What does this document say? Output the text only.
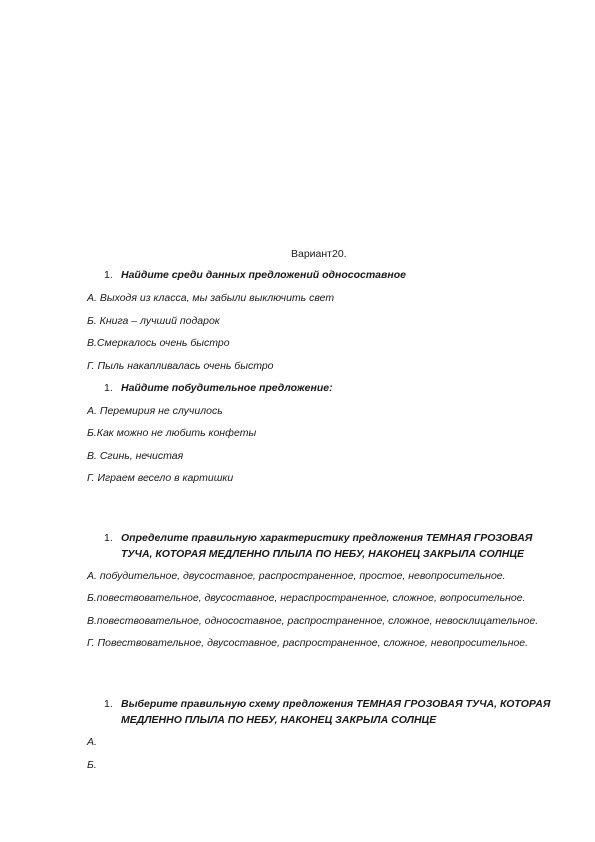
Вариант20.
1. Найдите среди данных предложений односоставное
А. Выходя из класса, мы забыли выключить свет
Б. Книга – лучший подарок
В.Смеркалось очень быстро
Г. Пыль накапливалась очень быстро
1. Найдите побудительное предложение:
А. Перемирия не случилось
Б.Как можно не любить конфеты
В. Сгинь, нечистая
Г. Играем весело в картишки
1. Определите правильную характеристику предложения ТЕМНАЯ ГРОЗОВАЯ
ТУЧА, КОТОРАЯ МЕДЛЕННО ПЛЫЛА ПО НЕБУ, НАКОНЕЦ ЗАКРЫЛА СОЛНЦЕ
А. побудительное, двусоставное, распространенное, простое, невопросительное.
Б.повествовательное, двусоставное, нераспространенное, сложное, вопросительное.
В.повествовательное, односоставное, распространенное, сложное, невосклицательное.
Г. Повествовательное, двусоставное, распространенное, сложное, невопросительное.
1. Выберите правильную схему предложения ТЕМНАЯ ГРОЗОВАЯ ТУЧА, КОТОРАЯ
МЕДЛЕННО ПЛЫЛА ПО НЕБУ, НАКОНЕЦ ЗАКРЫЛА СОЛНЦЕ
А.
Б.
